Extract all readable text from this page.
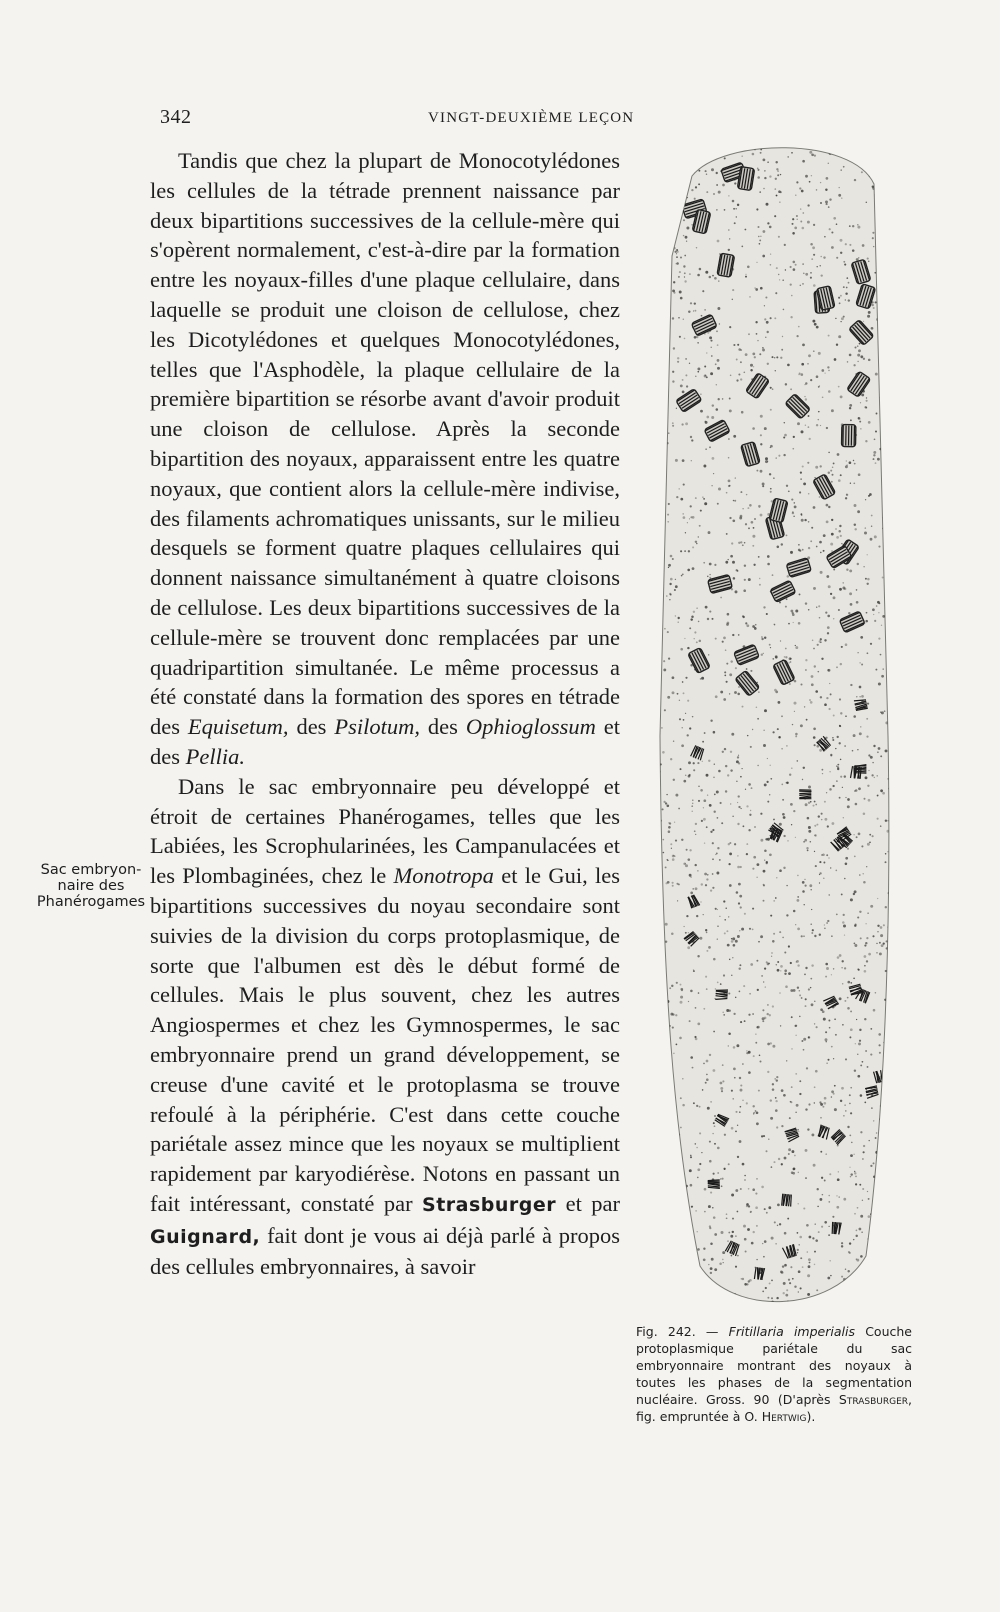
342	VINGT-DEUXIÈME LEÇON

Tandis que chez la plupart de Monocotylédones les cellules de la tétrade prennent naissance par deux bipartitions successives de la cellule-mère qui s'opèrent normalement, c'est-à-dire par la formation entre les noyaux-filles d'une plaque cellulaire, dans laquelle se produit une cloison de cellulose, chez les Dicotylédones et quelques Monocotylédones, telles que l'Asphodèle, la plaque cellulaire de la première bipartition se résorbe avant d'avoir produit une cloison de cellulose. Après la seconde bipartition des noyaux, apparaissent entre les quatre noyaux, que contient alors la cellule-mère indivise, des filaments achromatiques unissants, sur le milieu desquels se forment quatre plaques cellulaires qui donnent naissance simultanément à quatre cloisons de cellulose. Les deux bipartitions successives de la cellule-mère se trouvent donc remplacées par une quadripartition simultanée. Le même processus a été constaté dans la formation des spores en tétrade des Equisetum, des Psilotum, des Ophioglossum et des Pellia.

Dans le sac embryonnaire peu développé et étroit de certaines Phanérogames, telles que les Labiées, les Scrophularinées, les Campanulacées et les Plombaginées, chez le Monotropa et le Gui, les bipartitions successives du noyau secondaire sont suivies de la division du corps protoplasmique, de sorte que l'albumen est dès le début formé de cellules. Mais le plus souvent, chez les autres Angiospermes et chez les Gymnospermes, le sac embryonnaire prend un grand développement, se creuse d'une cavité et le protoplasma se trouve refoulé à la périphérie. C'est dans cette couche pariétale assez mince que les noyaux se multiplient rapidement par karyodiérèse. Notons en passant un fait intéressant, constaté par Strasburger et par Guignard, fait dont je vous ai déjà parlé à propos des cellules embryonnaires, à savoir

Sac embryon-
naire des
Phanérogames
Fig. 242. — Fritillaria imperialis Couche protoplasmique pariétale du sac embryonnaire montrant des noyaux à toutes les phases de la segmentation nucléaire. Gross. 90 (D'après Strasburger, fig. empruntée à O. Hertwig).
